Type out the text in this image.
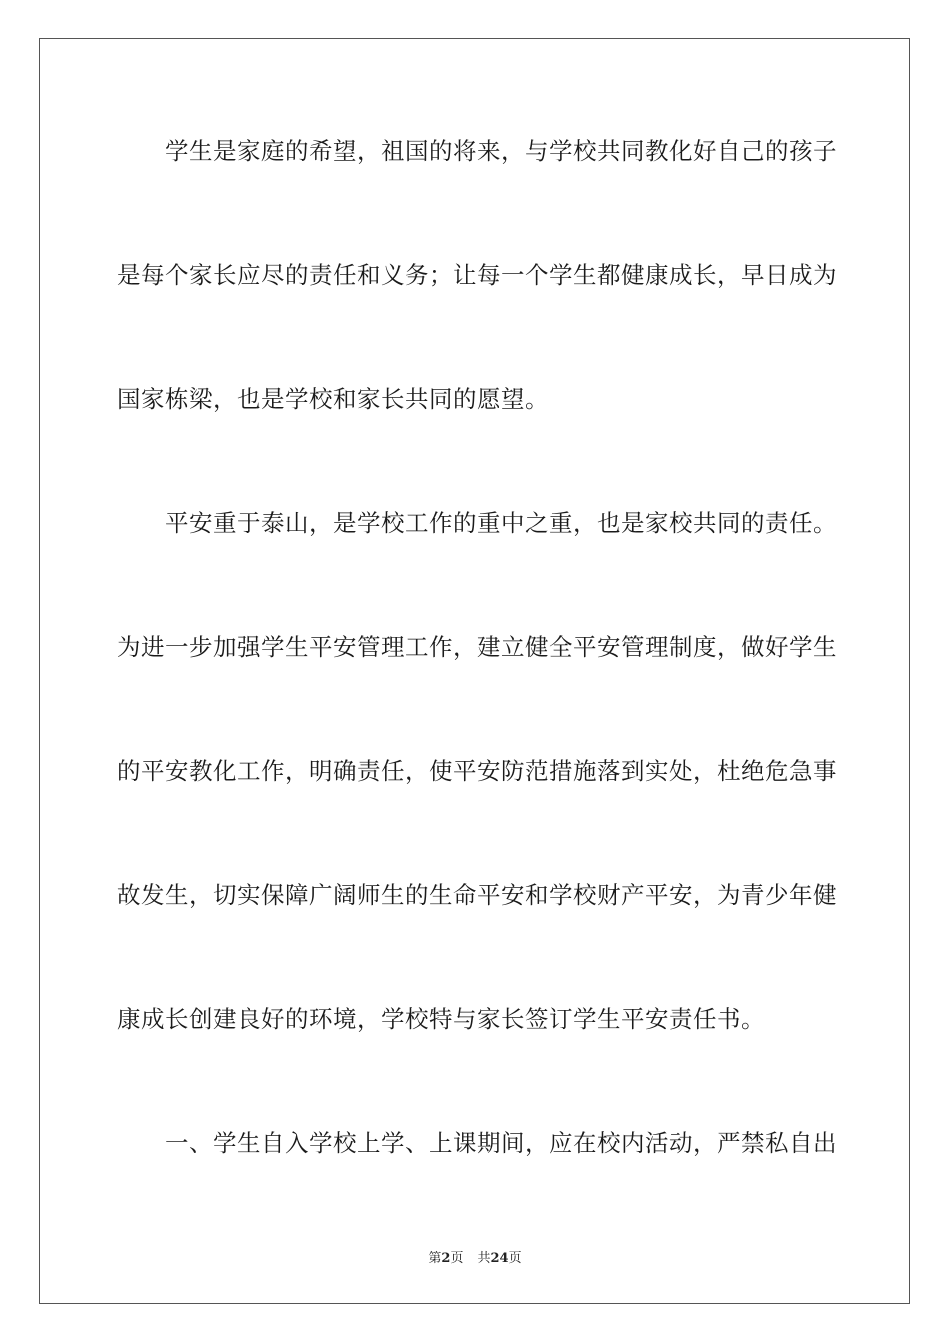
学生是家庭的希望，祖国的将来，与学校共同教化好自己的孩子
是每个家长应尽的责任和义务；让每一个学生都健康成长，早日成为
国家栋梁，也是学校和家长共同的愿望。
平安重于泰山，是学校工作的重中之重，也是家校共同的责任。
为进一步加强学生平安管理工作，建立健全平安管理制度，做好学生
的平安教化工作，明确责任，使平安防范措施落到实处，杜绝危急事
故发生，切实保障广阔师生的生命平安和学校财产平安，为青少年健
康成长创建良好的环境，学校特与家长签订学生平安责任书。
一、学生自入学校上学、上课期间，应在校内活动，严禁私自出
第2页 共24页
